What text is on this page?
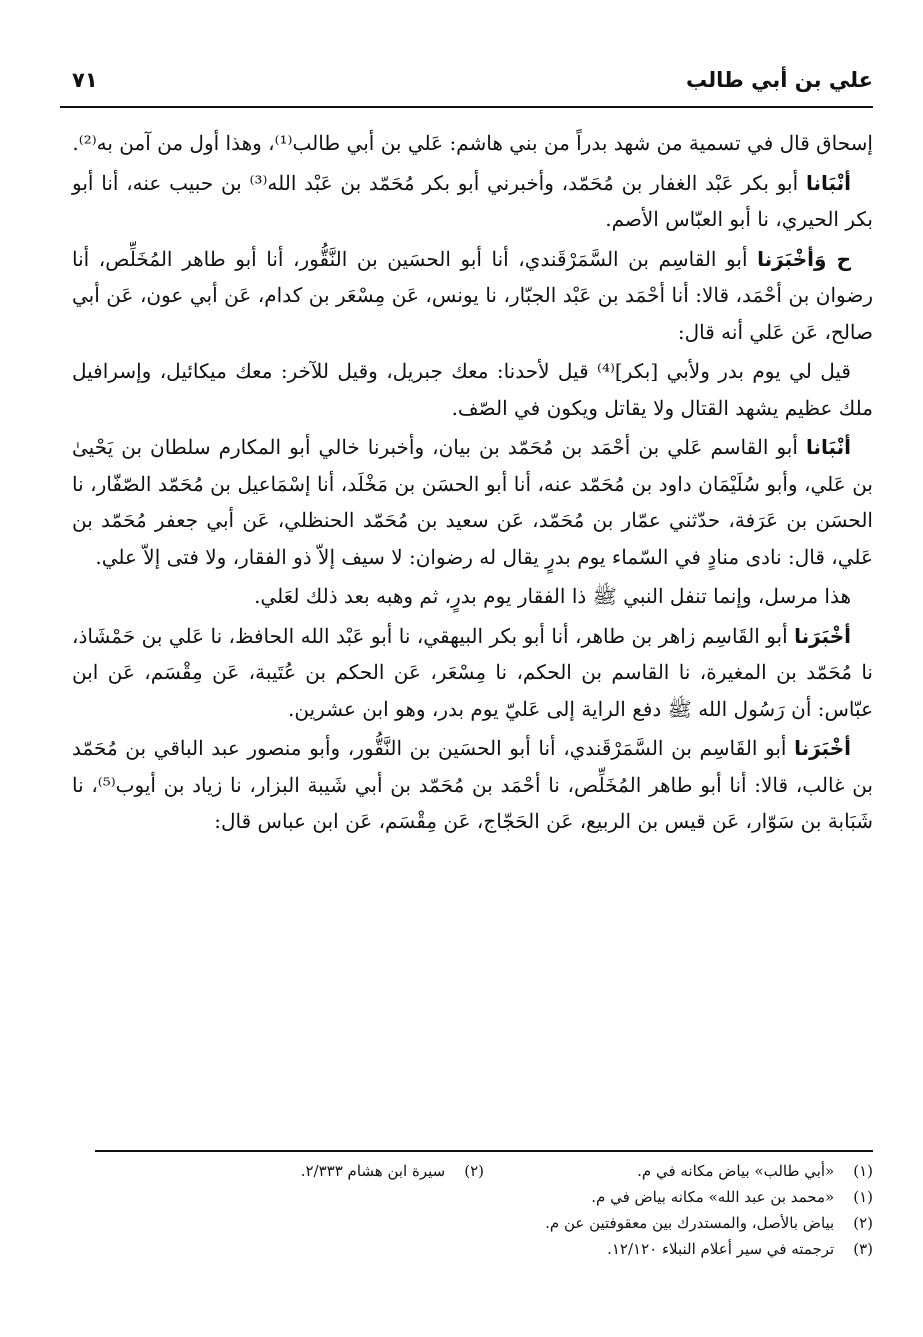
علي بن أبي طالب
٧١

إسحاق قال في تسمية من شهد بدراً من بني هاشم: عَلي بن أبي طالب⁽¹⁾، وهذا أول من آمن به⁽²⁾.

أنْبَانا أبو بكر عَبْد الغفار بن مُحَمّد، وأخبرني أبو بكر مُحَمّد بن عَبْد الله⁽³⁾ بن حبيب عنه، أنا أبو بكر الحيري، نا أبو العبّاس الأصم.

ح وَأخْبَرَنا أبو القاسِم بن السَّمَرْقَندي، أنا أبو الحسَين بن النَّقُّور، أنا أبو طاهر المُخَلِّص، أنا رضوان بن أحْمَد، قالا: أنا أحْمَد بن عَبْد الجبّار، نا يونس، عَن مِسْعَر بن كدام، عَن أبي عون، عَن أبي صالح، عَن عَلي أنه قال:

قيل لي يوم بدر ولأبي [بكر]⁽⁴⁾ قيل لأحدنا: معك جبريل، وقيل للآخر: معك ميكائيل، وإسرافيل ملك عظيم يشهد القتال ولا يقاتل ويكون في الصّف.

أنْبَانا أبو القاسم عَلي بن أحْمَد بن مُحَمّد بن بيان، وأخبرنا خالي أبو المكارم سلطان بن يَحْيىٰ بن عَلي، وأبو سُلَيْمَان داود بن مُحَمّد عنه، أنا أبو الحسَن بن مَخْلَد، أنا إسْمَاعيل بن مُحَمّد الصّفّار، نا الحسَن بن عَرَفة، حدّثني عمّار بن مُحَمّد، عَن سعيد بن مُحَمّد الحنظلي، عَن أبي جعفر مُحَمّد بن عَلي، قال: نادى منادٍ في السّماء يوم بدرٍ يقال له رضوان: لا سيف إلاّ ذو الفقار، ولا فتى إلاّ علي.

هذا مرسل، وإنما تنفل النبي ﷺ ذا الفقار يوم بدرٍ، ثم وهبه بعد ذلك لعَلي.

أخْبَرَنا أبو القَاسِم زاهر بن طاهر، أنا أبو بكر البيهقي، نا أبو عَبْد الله الحافظ، نا عَلي بن حَمْشَاذ، نا مُحَمّد بن المغيرة، نا القاسم بن الحكم، نا مِسْعَر، عَن الحكم بن عُتَيبة، عَن مِقْسَم، عَن ابن عبّاس: أن رَسُول الله ﷺ دفع الراية إلى عَليّ يوم بدر، وهو ابن عشرين.

أخْبَرَنا أبو القَاسِم بن السَّمَرْقَندي، أنا أبو الحسَين بن النَّقُّور، وأبو منصور عبد الباقي بن مُحَمّد بن غالب، قالا: أنا أبو طاهر المُخَلِّص، نا أحْمَد بن مُحَمّد بن أبي شَيبة البزار، نا زياد بن أيوب⁽⁵⁾، نا شَبَابة بن سَوّار، عَن قيس بن الربيع، عَن الحَجّاج، عَن مِقْسَم، عَن ابن عباس قال:

(١) «أبي طالب» بياض مكانه في م.
(٢) سيرة ابن هشام ٢/٣٣٣.
(١) «محمد بن عبد الله» مكانه بياض في م.
(٢) بياض بالأصل، والمستدرك بين معقوفتين عن م.
(٣) ترجمته في سير أعلام النبلاء ١٢/١٢٠.
